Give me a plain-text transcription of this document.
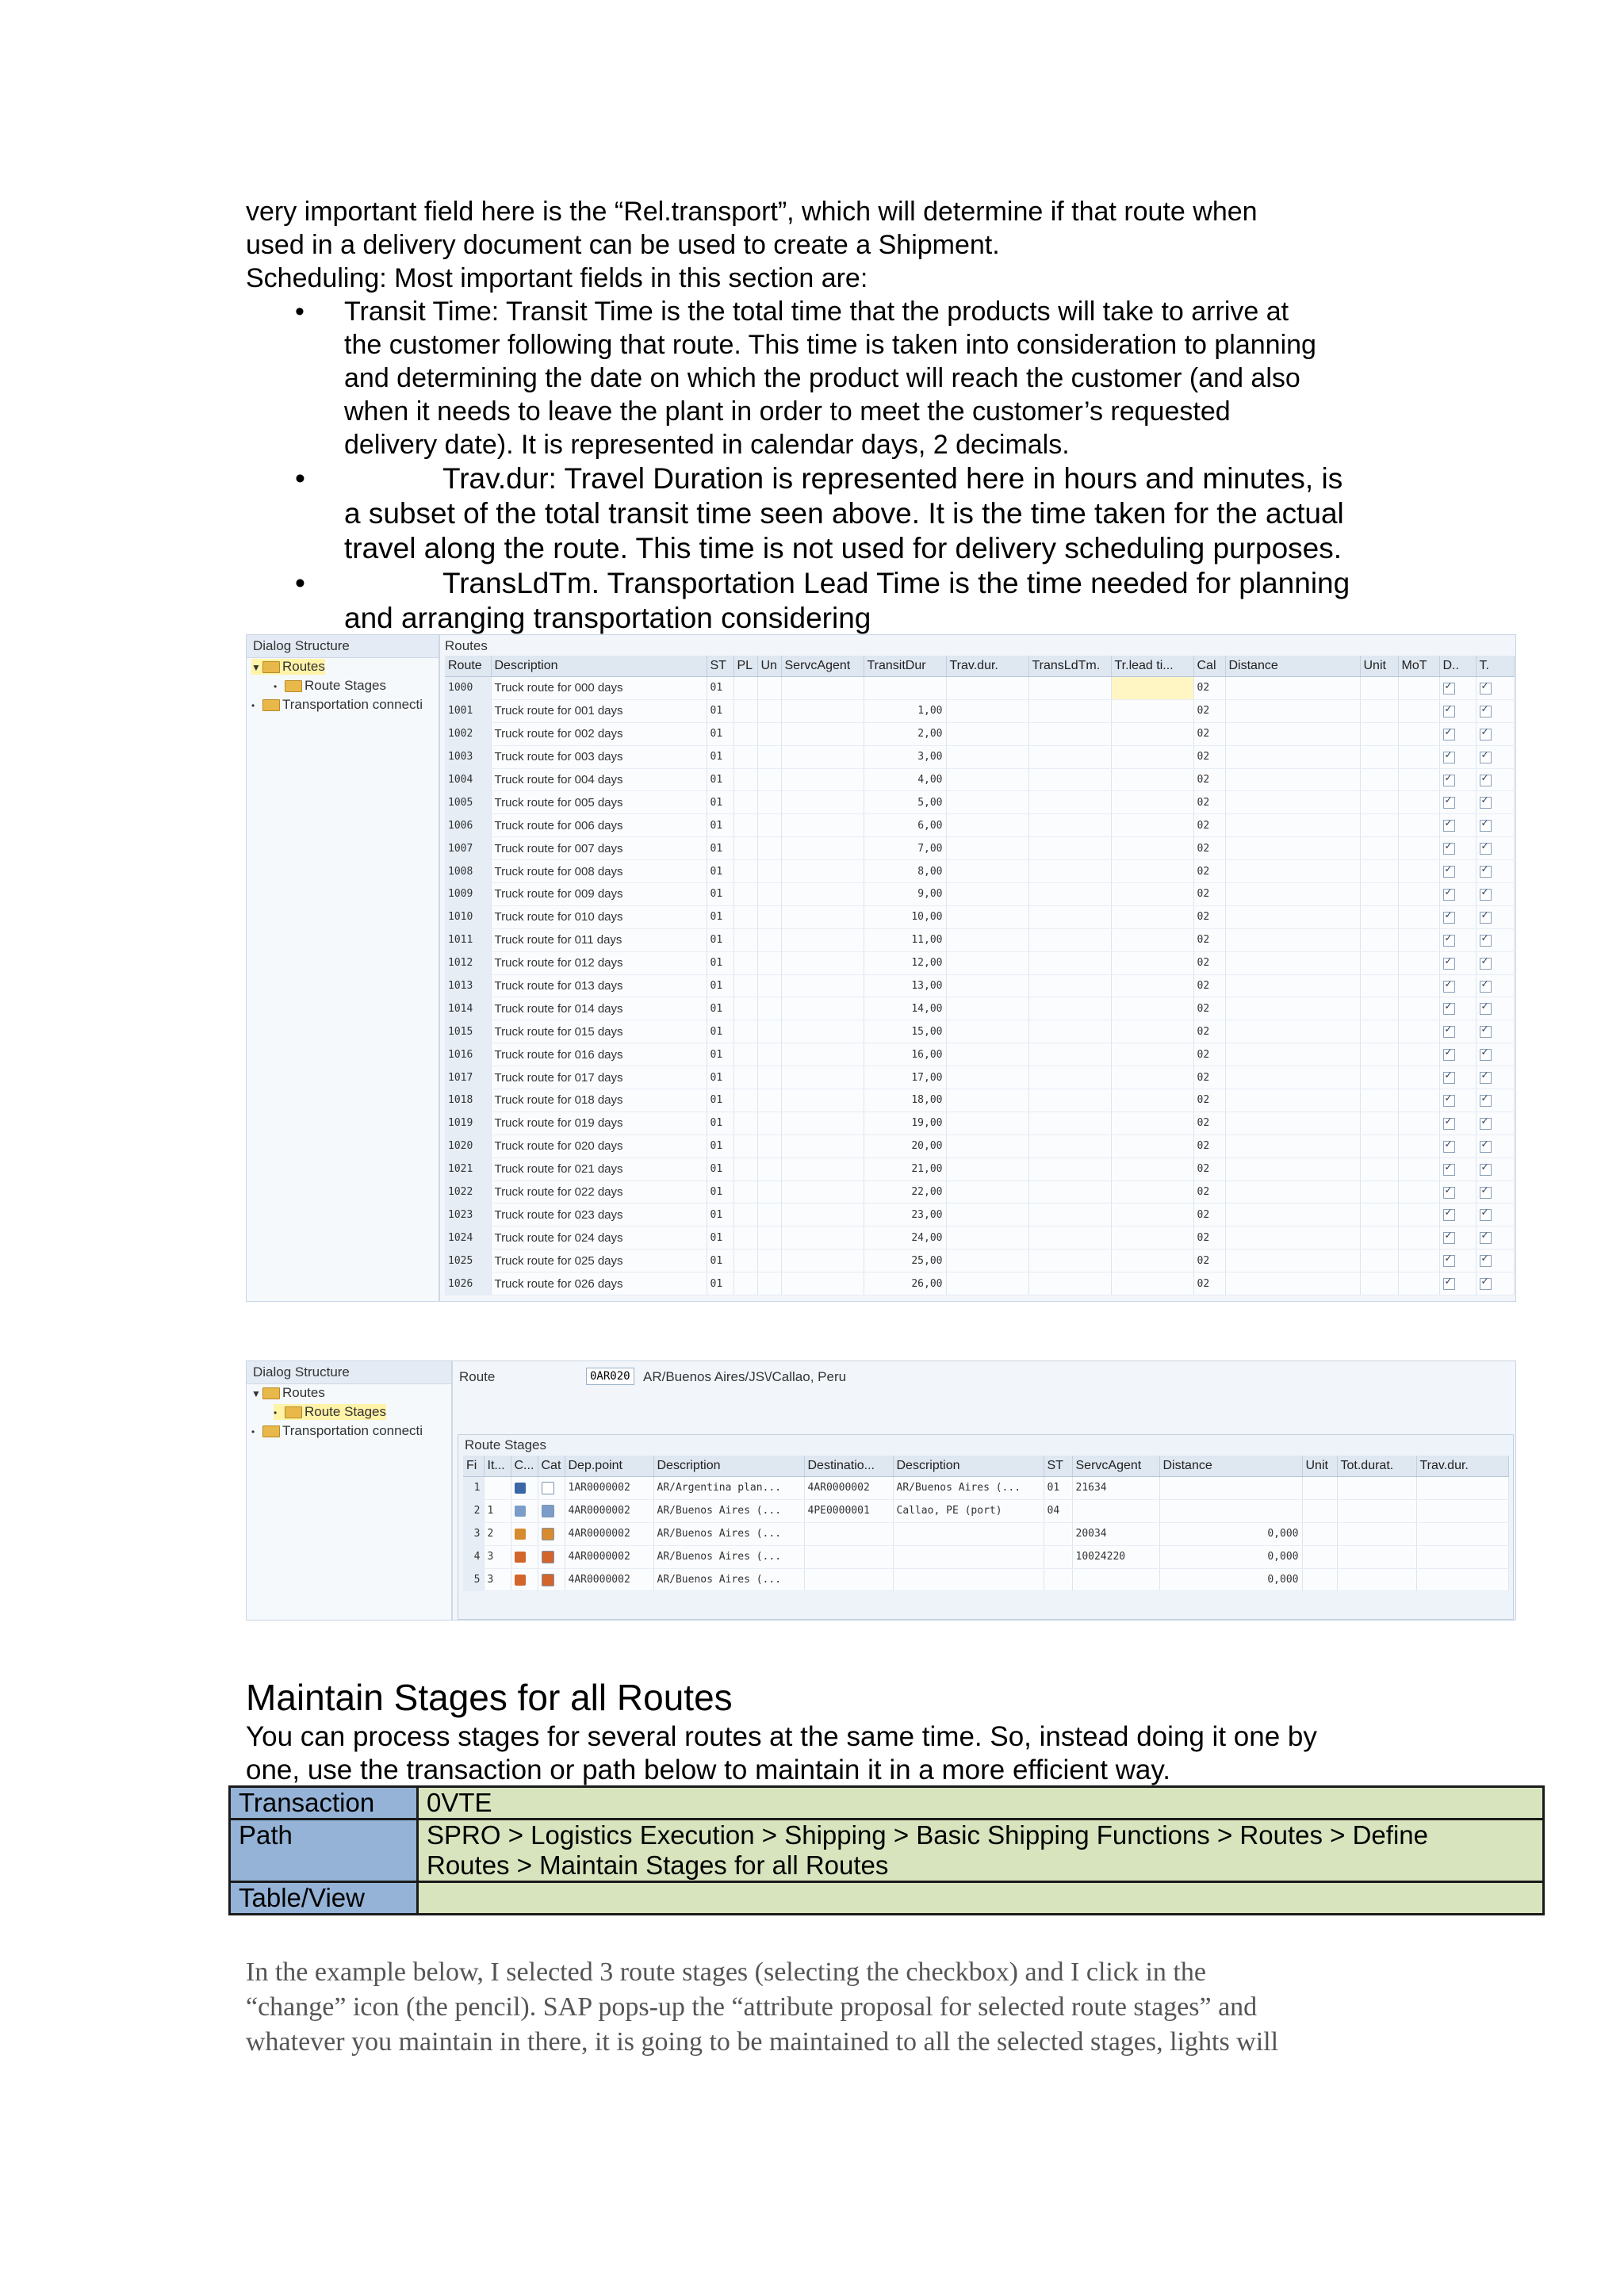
very important field here is the “Rel.transport”, which will determine if that route when
used in a delivery document can be used to create a Shipment.
Scheduling: Most important fields in this section are:
• Transit Time: Transit Time is the total time that the products will take to arrive at
the customer following that route. This time is taken into consideration to planning
and determining the date on which the product will reach the customer (and also
when it needs to leave the plant in order to meet the customer’s requested
delivery date). It is represented in calendar days, 2 decimals.
•	Trav.dur: Travel Duration is represented here in hours and minutes, is
a subset of the total transit time seen above. It is the time taken for the actual
travel along the route. This time is not used for delivery scheduling purposes.
•	TransLdTm. Transportation Lead Time is the time needed for planning
and arranging transportation considering
Dialog Structure
▼ Routes
• Route Stages
• Transportation connecti
Routes
Route	Description	ST	PL	Un	ServcAgent	TransitDur	Trav.dur.	TransLdTm.	Tr.lead ti...	Cal	Distance	Unit	MoT	D..	T.
1000	Truck route for 000 days	01								02				✓	✓
1001	Truck route for 001 days	01				1,00				02				✓	✓
1002	Truck route for 002 days	01				2,00				02				✓	✓
1003	Truck route for 003 days	01				3,00				02				✓	✓
1004	Truck route for 004 days	01				4,00				02				✓	✓
1005	Truck route for 005 days	01				5,00				02				✓	✓
1006	Truck route for 006 days	01				6,00				02				✓	✓
1007	Truck route for 007 days	01				7,00				02				✓	✓
1008	Truck route for 008 days	01				8,00				02				✓	✓
1009	Truck route for 009 days	01				9,00				02				✓	✓
1010	Truck route for 010 days	01				10,00				02				✓	✓
1011	Truck route for 011 days	01				11,00				02				✓	✓
1012	Truck route for 012 days	01				12,00				02				✓	✓
1013	Truck route for 013 days	01				13,00				02				✓	✓
1014	Truck route for 014 days	01				14,00				02				✓	✓
1015	Truck route for 015 days	01				15,00				02				✓	✓
1016	Truck route for 016 days	01				16,00				02				✓	✓
1017	Truck route for 017 days	01				17,00				02				✓	✓
1018	Truck route for 018 days	01				18,00				02				✓	✓
1019	Truck route for 019 days	01				19,00				02				✓	✓
1020	Truck route for 020 days	01				20,00				02				✓	✓
1021	Truck route for 021 days	01				21,00				02				✓	✓
1022	Truck route for 022 days	01				22,00				02				✓	✓
1023	Truck route for 023 days	01				23,00				02				✓	✓
1024	Truck route for 024 days	01				24,00				02				✓	✓
1025	Truck route for 025 days	01				25,00				02				✓	✓
1026	Truck route for 026 days	01				26,00				02				✓	✓
Dialog Structure
▼ Routes
• Route Stages
• Transportation connecti
Route	0AR020 AR/Buenos Aires/JS\/Callao, Peru
Route Stages
Fi	It...	C...	Cat	Dep.point	Description	Destinatio...	Description	ST	ServcAgent	Distance	Unit	Tot.durat.	Trav.dur.
1				1AR0000002	AR/Argentina plan...	4AR0000002	AR/Buenos Aires (...	01	21634				
2	1			4AR0000002	AR/Buenos Aires (...	4PE0000001	Callao, PE (port)	04					
3	2			4AR0000002	AR/Buenos Aires (...				20034	0,000			
4	3			4AR0000002	AR/Buenos Aires (...				10024220	0,000			
5	3			4AR0000002	AR/Buenos Aires (...					0,000			
Maintain Stages for all Routes
You can process stages for several routes at the same time. So, instead doing it one by
one, use the transaction or path below to maintain it in a more efficient way.
Transaction	0VTE
Path	SPRO > Logistics Execution > Shipping > Basic Shipping Functions > Routes > Define
Routes > Maintain Stages for all Routes

Table/View	
In the example below, I selected 3 route stages (selecting the checkbox) and I click in the
“change” icon (the pencil). SAP pops-up the “attribute proposal for selected route stages” and
whatever you maintain in there, it is going to be maintained to all the selected stages, lights will
